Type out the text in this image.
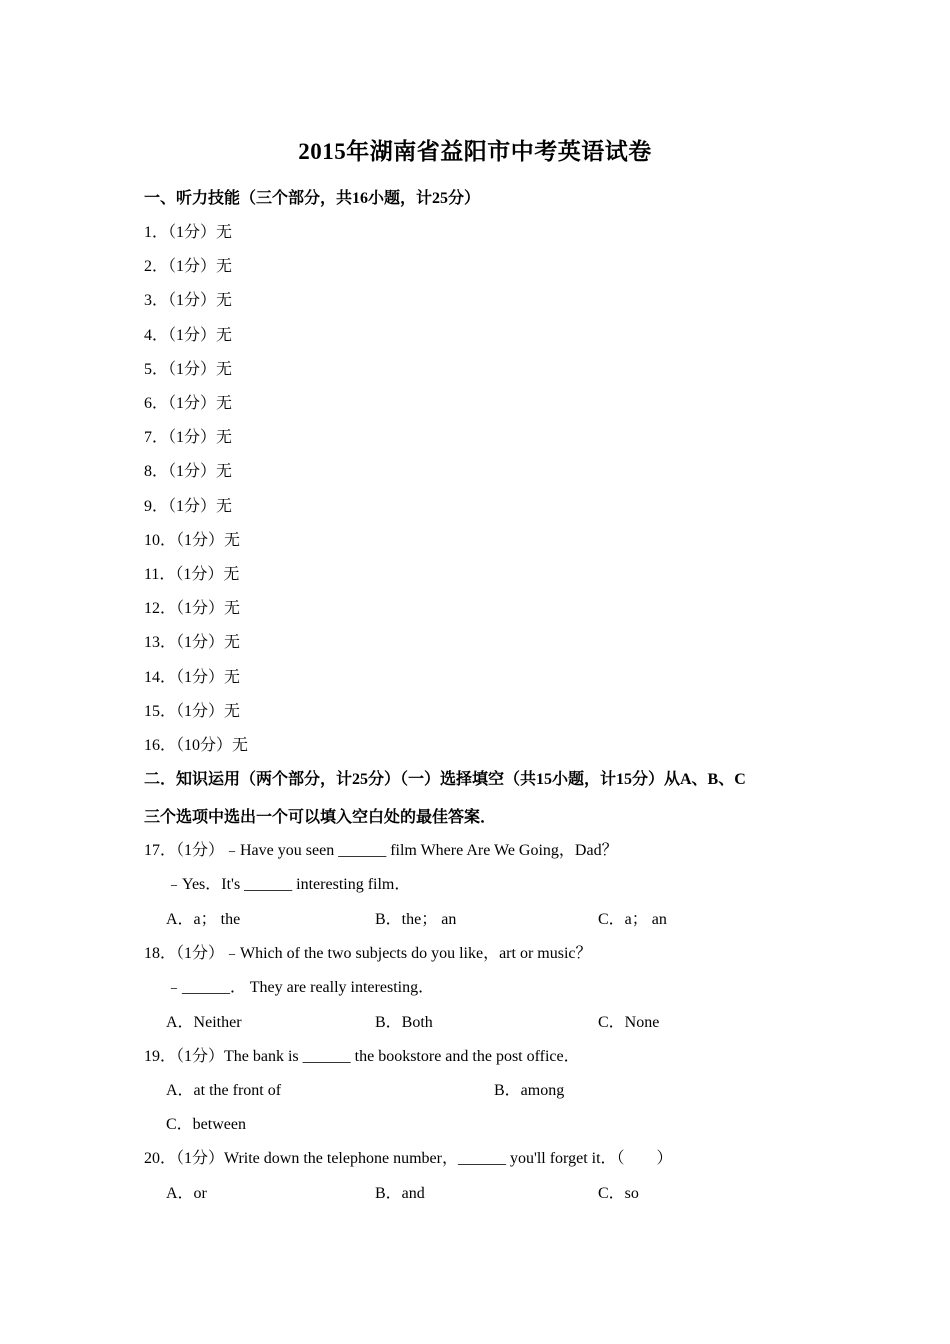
2015年湖南省益阳市中考英语试卷
一、听力技能（三个部分，共16小题，计25分）
1．（1分）无
2．（1分）无
3．（1分）无
4．（1分）无
5．（1分）无
6．（1分）无
7．（1分）无
8．（1分）无
9．（1分）无
10．（1分）无
11．（1分）无
12．（1分）无
13．（1分）无
14．（1分）无
15．（1分）无
16．（10分）无
二．知识运用（两个部分，计25分）（一）选择填空（共15小题，计15分）从A、B、C
三个选项中选出一个可以填入空白处的最佳答案．
17．（1分）﹣Have you seen ______ film Where Are We Going，Dad？
﹣Yes．It's ______ interesting film．
A．a； the	B．the； an	C．a； an
18．（1分）﹣Which of the two subjects do you like，art or music？
﹣______． They are really interesting．
A．Neither	B．Both	C．None
19．（1分）The bank is ______ the bookstore and the post office．
A．at the front of	B．among
C．between
20．（1分）Write down the telephone number，______ you'll forget it．（　　）
A．or	B．and	C．so
